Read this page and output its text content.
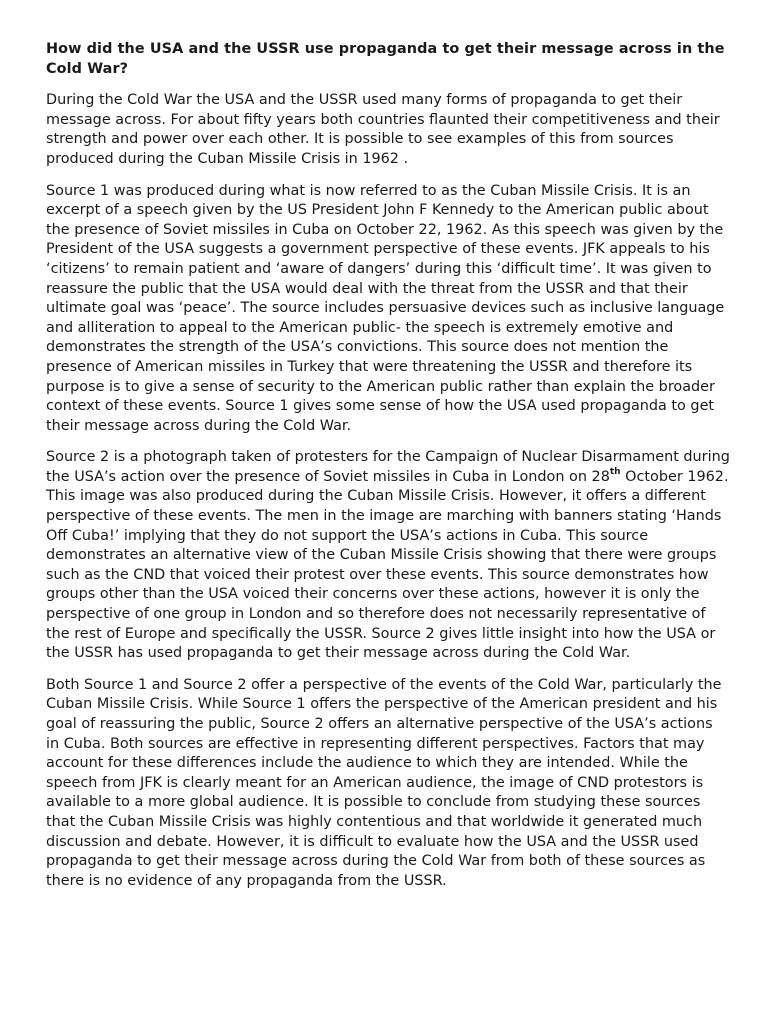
How did the USA and the USSR use propaganda to get their message across in the Cold War?

During the Cold War the USA and the USSR used many forms of propaganda to get their message across. For about fifty years both countries flaunted their competitiveness and their strength and power over each other. It is possible to see examples of this from sources produced during the Cuban Missile Crisis in 1962 .

Source 1 was produced during what is now referred to as the Cuban Missile Crisis. It is an excerpt of a speech given by the US President John F Kennedy to the American public about the presence of Soviet missiles in Cuba on October 22, 1962. As this speech was given by the President of the USA suggests a government perspective of these events. JFK appeals to his ‘citizens’ to remain patient and ‘aware of dangers’ during this ‘difficult time’. It was given to reassure the public that the USA would deal with the threat from the USSR and that their ultimate goal was ‘peace’. The source includes persuasive devices such as inclusive language and alliteration to appeal to the American public- the speech is extremely emotive and demonstrates the strength of the USA’s convictions. This source does not mention the presence of American missiles in Turkey that were threatening the USSR and therefore its purpose is to give a sense of security to the American public rather than explain the broader context of these events. Source 1 gives some sense of how the USA used propaganda to get their message across during the Cold War.

Source 2 is a photograph taken of protesters for the Campaign of Nuclear Disarmament during the USA’s action over the presence of Soviet missiles in Cuba in London on 28th October 1962. This image was also produced during the Cuban Missile Crisis. However, it offers a different perspective of these events. The men in the image are marching with banners stating ‘Hands Off Cuba!’ implying that they do not support the USA’s actions in Cuba. This source demonstrates an alternative view of the Cuban Missile Crisis showing that there were groups such as the CND that voiced their protest over these events. This source demonstrates how groups other than the USA voiced their concerns over these actions, however it is only the perspective of one group in London and so therefore does not necessarily representative of the rest of Europe and specifically the USSR. Source 2 gives little insight into how the USA or the USSR has used propaganda to get their message across during the Cold War.

Both Source 1 and Source 2 offer a perspective of the events of the Cold War, particularly the Cuban Missile Crisis. While Source 1 offers the perspective of the American president and his goal of reassuring the public, Source 2 offers an alternative perspective of the USA’s actions in Cuba. Both sources are effective in representing different perspectives. Factors that may account for these differences include the audience to which they are intended. While the speech from JFK is clearly meant for an American audience, the image of CND protestors is available to a more global audience. It is possible to conclude from studying these sources that the Cuban Missile Crisis was highly contentious and that worldwide it generated much discussion and debate. However, it is difficult to evaluate how the USA and the USSR used propaganda to get their message across during the Cold War from both of these sources as there is no evidence of any propaganda from the USSR.
